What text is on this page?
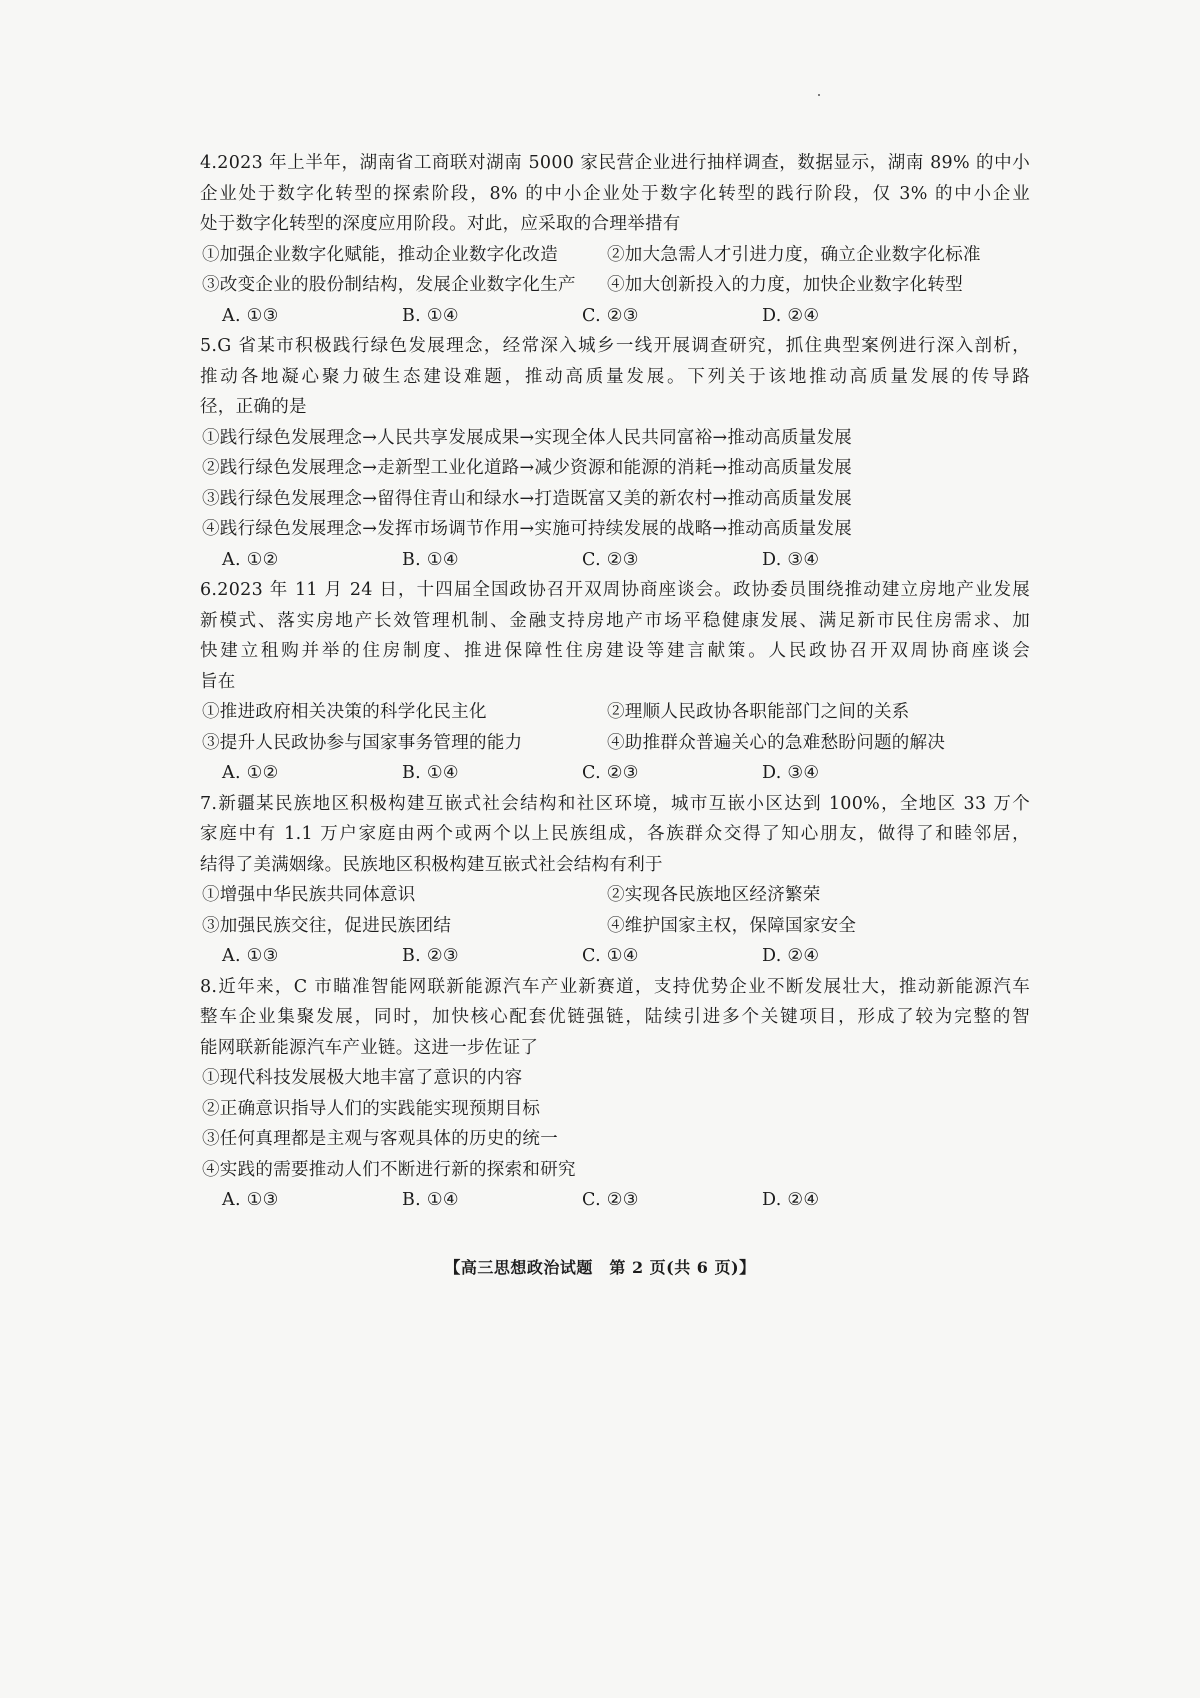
4.2023 年上半年，湖南省工商联对湖南 5000 家民营企业进行抽样调查，数据显示，湖南 89% 的中小
企业处于数字化转型的探索阶段，8% 的中小企业处于数字化转型的践行阶段，仅 3% 的中小企业
处于数字化转型的深度应用阶段。对此，应采取的合理举措有
①加强企业数字化赋能，推动企业数字化改造	②加大急需人才引进力度，确立企业数字化标准
③改变企业的股份制结构，发展企业数字化生产	④加大创新投入的力度，加快企业数字化转型
A. ①③	B. ①④	C. ②③	D. ②④
5.G 省某市积极践行绿色发展理念，经常深入城乡一线开展调查研究，抓住典型案例进行深入剖析，
推动各地凝心聚力破生态建设难题，推动高质量发展。下列关于该地推动高质量发展的传导路
径，正确的是
①践行绿色发展理念→人民共享发展成果→实现全体人民共同富裕→推动高质量发展
②践行绿色发展理念→走新型工业化道路→减少资源和能源的消耗→推动高质量发展
③践行绿色发展理念→留得住青山和绿水→打造既富又美的新农村→推动高质量发展
④践行绿色发展理念→发挥市场调节作用→实施可持续发展的战略→推动高质量发展
A. ①②	B. ①④	C. ②③	D. ③④
6.2023 年 11 月 24 日，十四届全国政协召开双周协商座谈会。政协委员围绕推动建立房地产业发展
新模式、落实房地产长效管理机制、金融支持房地产市场平稳健康发展、满足新市民住房需求、加
快建立租购并举的住房制度、推进保障性住房建设等建言献策。人民政协召开双周协商座谈会
旨在
①推进政府相关决策的科学化民主化	②理顺人民政协各职能部门之间的关系
③提升人民政协参与国家事务管理的能力	④助推群众普遍关心的急难愁盼问题的解决
A. ①②	B. ①④	C. ②③	D. ③④
7.新疆某民族地区积极构建互嵌式社会结构和社区环境，城市互嵌小区达到 100%，全地区 33 万个
家庭中有 1.1 万户家庭由两个或两个以上民族组成，各族群众交得了知心朋友，做得了和睦邻居，
结得了美满姻缘。民族地区积极构建互嵌式社会结构有利于
①增强中华民族共同体意识	②实现各民族地区经济繁荣
③加强民族交往，促进民族团结	④维护国家主权，保障国家安全
A. ①③	B. ②③	C. ①④	D. ②④
8.近年来，C 市瞄准智能网联新能源汽车产业新赛道，支持优势企业不断发展壮大，推动新能源汽车
整车企业集聚发展，同时，加快核心配套优链强链，陆续引进多个关键项目，形成了较为完整的智
能网联新能源汽车产业链。这进一步佐证了
①现代科技发展极大地丰富了意识的内容
②正确意识指导人们的实践能实现预期目标
③任何真理都是主观与客观具体的历史的统一
④实践的需要推动人们不断进行新的探索和研究
A. ①③	B. ①④	C. ②③	D. ②④
【高三思想政治试题　第 2 页(共 6 页)】
